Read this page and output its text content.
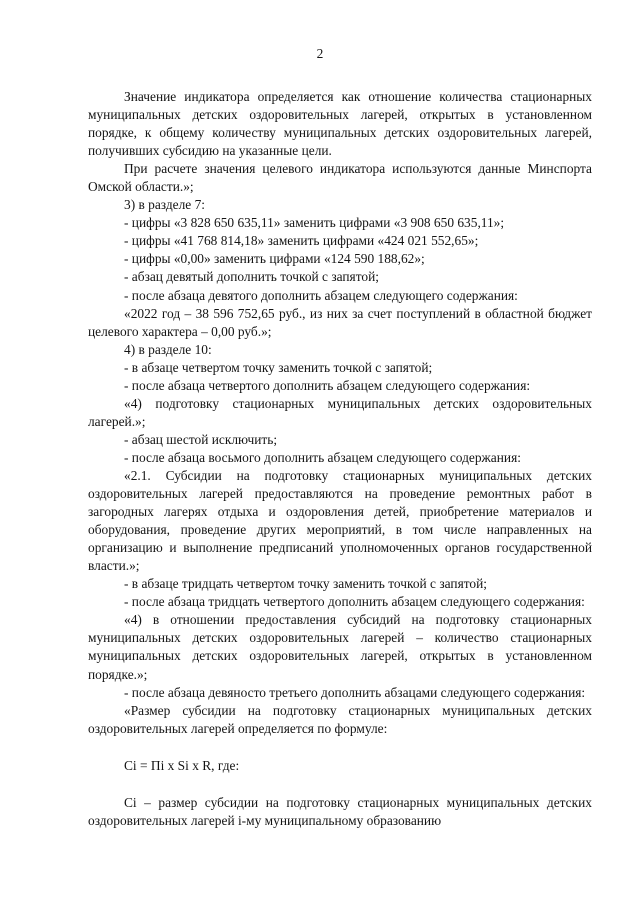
2

Значение индикатора определяется как отношение количества стационарных муниципальных детских оздоровительных лагерей, открытых в установленном порядке, к общему количеству муниципальных детских оздоровительных лагерей, получивших субсидию на указанные цели.

При расчете значения целевого индикатора используются данные Минспорта Омской области.»;

3) в разделе 7:

- цифры «3 828 650 635,11» заменить цифрами «3 908 650 635,11»;

- цифры «41 768 814,18» заменить цифрами «424 021 552,65»;

- цифры «0,00» заменить цифрами «124 590 188,62»;

- абзац девятый дополнить точкой с запятой;

- после абзаца девятого дополнить абзацем следующего содержания:

«2022 год – 38 596 752,65 руб., из них за счет поступлений в областной бюджет целевого характера – 0,00 руб.»;

4) в разделе 10:

- в абзаце четвертом точку заменить точкой с запятой;

- после абзаца четвертого дополнить абзацем следующего содержания:

«4) подготовку стационарных муниципальных детских оздоровительных лагерей.»;

- абзац шестой исключить;

- после абзаца восьмого дополнить абзацем следующего содержания:

«2.1. Субсидии на подготовку стационарных муниципальных детских оздоровительных лагерей предоставляются на проведение ремонтных работ в загородных лагерях отдыха и оздоровления детей, приобретение материалов и оборудования, проведение других мероприятий, в том числе направленных на организацию и выполнение предписаний уполномоченных органов государственной власти.»;

- в абзаце тридцать четвертом точку заменить точкой с запятой;

- после абзаца тридцать четвертого дополнить абзацем следующего содержания:

«4) в отношении предоставления субсидий на подготовку стационарных муниципальных детских оздоровительных лагерей – количество стационарных муниципальных детских оздоровительных лагерей, открытых в установленном порядке.»;

- после абзаца девяносто третьего дополнить абзацами следующего содержания:

«Размер субсидии на подготовку стационарных муниципальных детских оздоровительных лагерей определяется по формуле:

Ci = Пi x Si x R, где:

Ci – размер субсидии на подготовку стационарных муниципальных детских оздоровительных лагерей i-му муниципальному образованию
